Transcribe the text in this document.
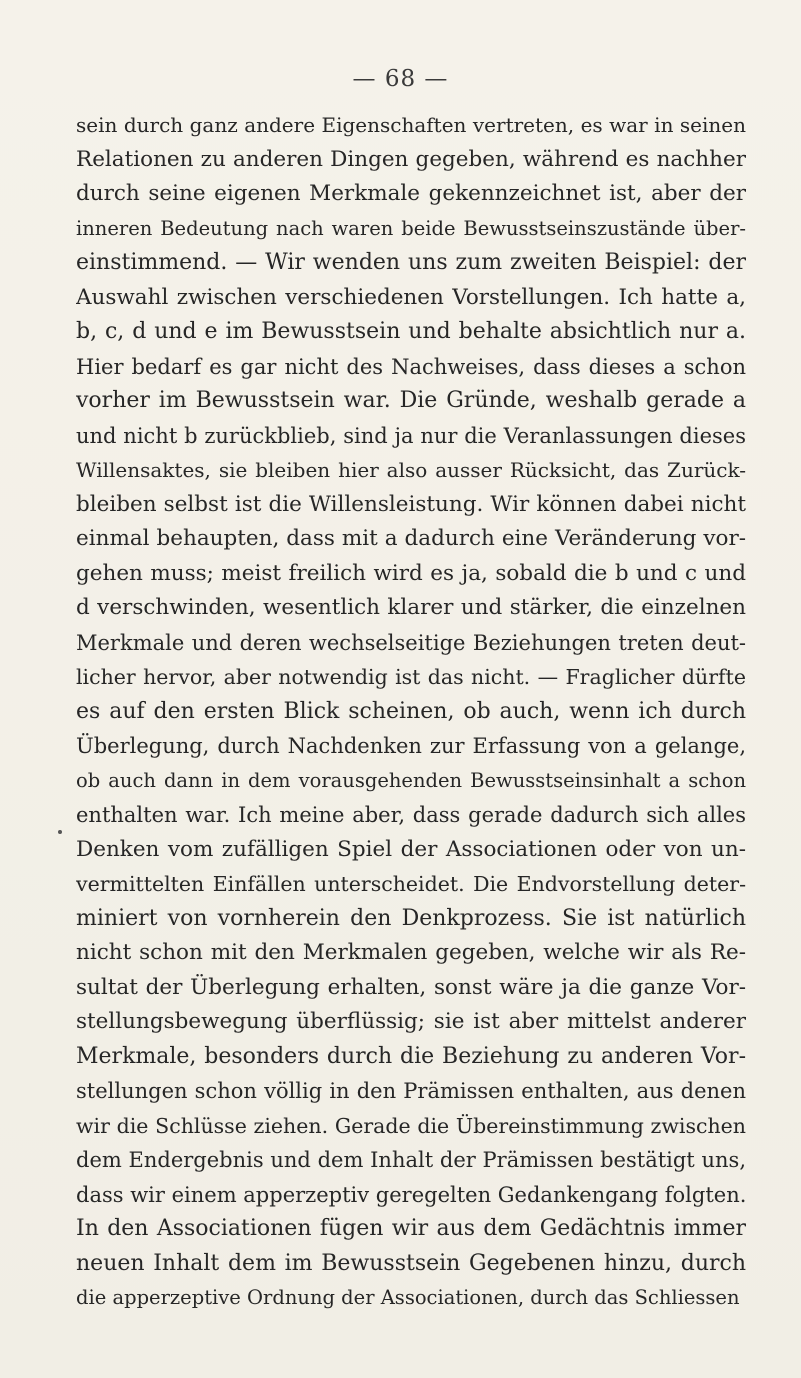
— 68 —
sein durch ganz andere Eigenschaften vertreten, es war in seinen
Relationen zu anderen Dingen gegeben, während es nachher
durch seine eigenen Merkmale gekennzeichnet ist, aber der
inneren Bedeutung nach waren beide Bewusstseinszustände über-
einstimmend. — Wir wenden uns zum zweiten Beispiel: der
Auswahl zwischen verschiedenen Vorstellungen. Ich hatte a,
b, c, d und e im Bewusstsein und behalte absichtlich nur a.
Hier bedarf es gar nicht des Nachweises, dass dieses a schon
vorher im Bewusstsein war. Die Gründe, weshalb gerade a
und nicht b zurückblieb, sind ja nur die Veranlassungen dieses
Willensaktes, sie bleiben hier also ausser Rücksicht, das Zurück-
bleiben selbst ist die Willensleistung. Wir können dabei nicht
einmal behaupten, dass mit a dadurch eine Veränderung vor-
gehen muss; meist freilich wird es ja, sobald die b und c und
d verschwinden, wesentlich klarer und stärker, die einzelnen
Merkmale und deren wechselseitige Beziehungen treten deut-
licher hervor, aber notwendig ist das nicht. — Fraglicher dürfte
es auf den ersten Blick scheinen, ob auch, wenn ich durch
Überlegung, durch Nachdenken zur Erfassung von a gelange,
ob auch dann in dem vorausgehenden Bewusstseinsinhalt a schon
enthalten war. Ich meine aber, dass gerade dadurch sich alles
Denken vom zufälligen Spiel der Associationen oder von un-
vermittelten Einfällen unterscheidet. Die Endvorstellung deter-
miniert von vornherein den Denkprozess. Sie ist natürlich
nicht schon mit den Merkmalen gegeben, welche wir als Re-
sultat der Überlegung erhalten, sonst wäre ja die ganze Vor-
stellungsbewegung überflüssig; sie ist aber mittelst anderer
Merkmale, besonders durch die Beziehung zu anderen Vor-
stellungen schon völlig in den Prämissen enthalten, aus denen
wir die Schlüsse ziehen. Gerade die Übereinstimmung zwischen
dem Endergebnis und dem Inhalt der Prämissen bestätigt uns,
dass wir einem apperzeptiv geregelten Gedankengang folgten.
In den Associationen fügen wir aus dem Gedächtnis immer
neuen Inhalt dem im Bewusstsein Gegebenen hinzu, durch
die apperzeptive Ordnung der Associationen, durch das Schliessen
